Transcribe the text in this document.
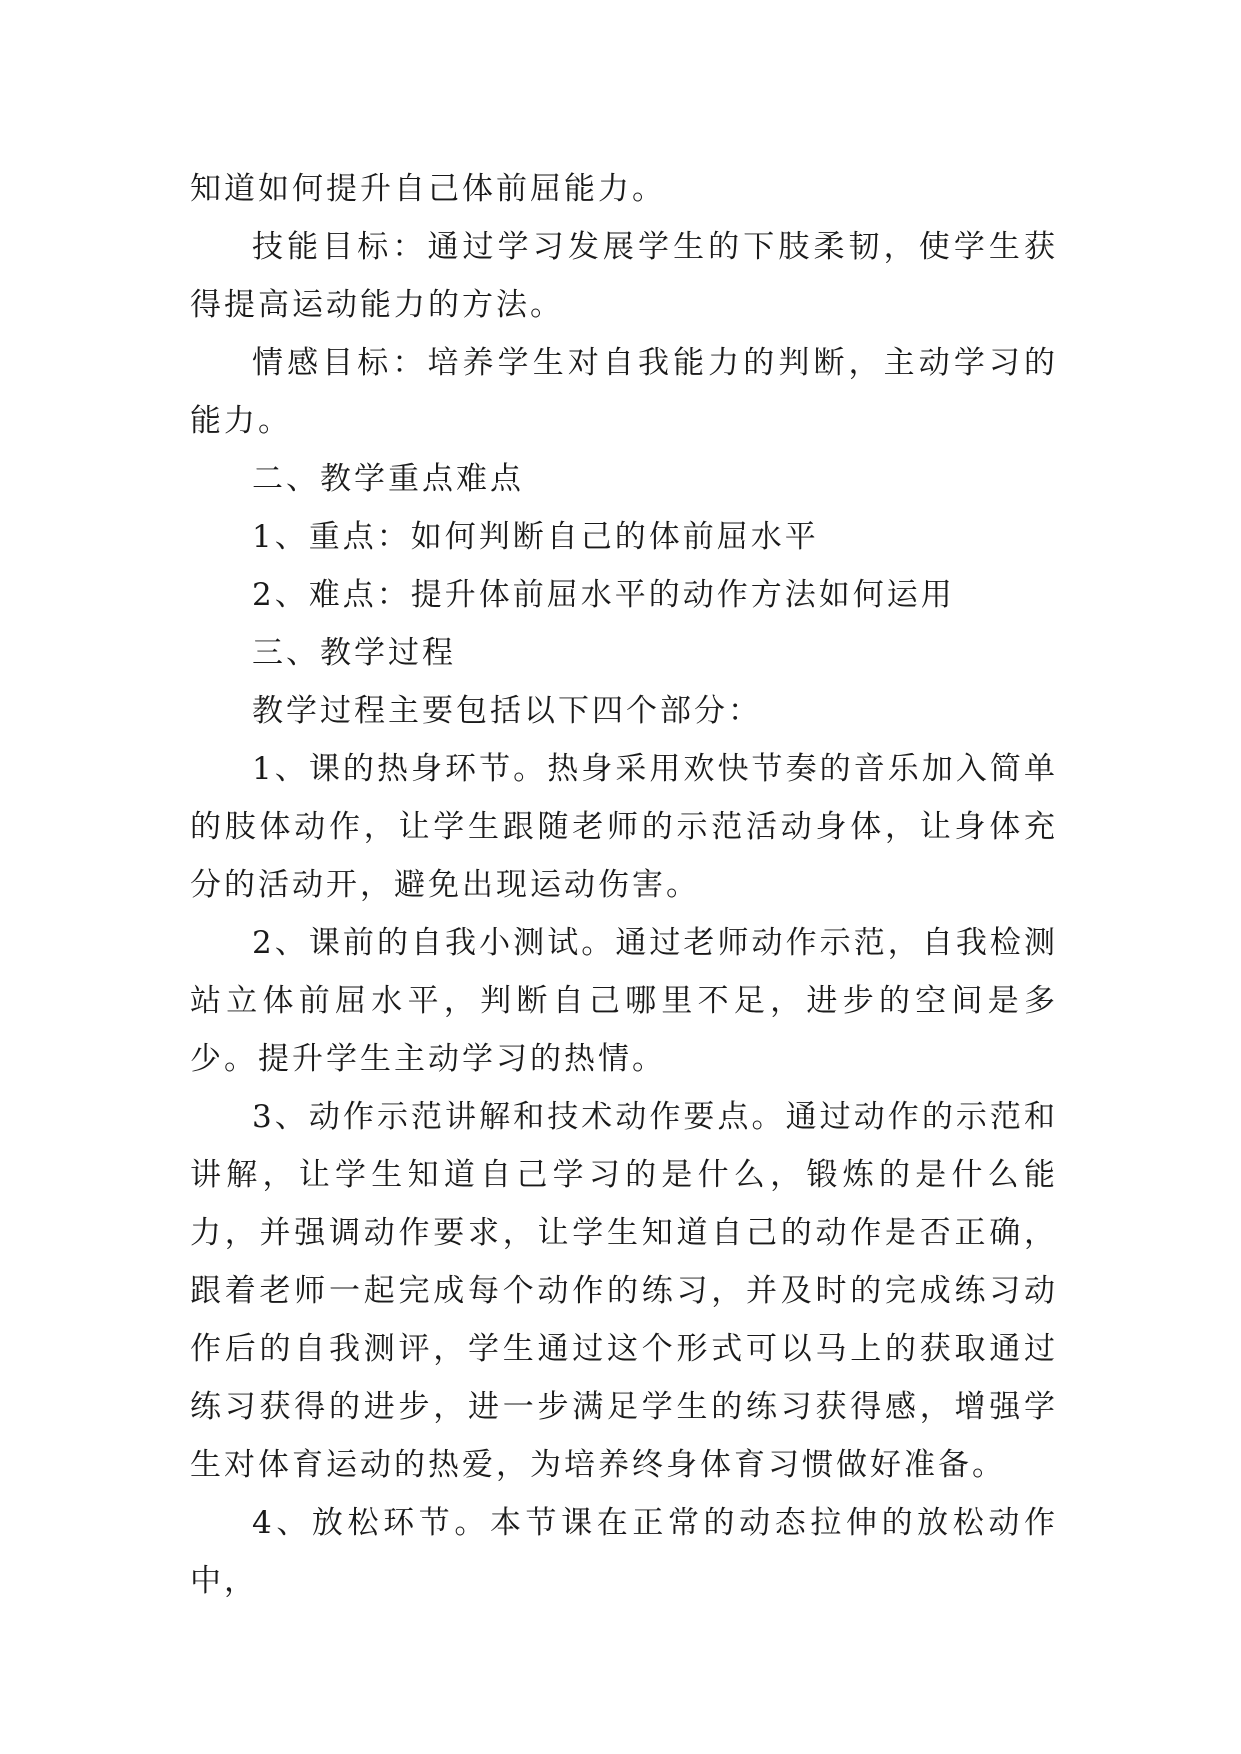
知道如何提升自己体前屈能力。

技能目标：通过学习发展学生的下肢柔韧，使学生获得提高运动能力的方法。

情感目标：培养学生对自我能力的判断，主动学习的能力。

二、教学重点难点

1、重点：如何判断自己的体前屈水平

2、难点：提升体前屈水平的动作方法如何运用

三、教学过程

教学过程主要包括以下四个部分：

1、课的热身环节。热身采用欢快节奏的音乐加入简单的肢体动作，让学生跟随老师的示范活动身体，让身体充分的活动开，避免出现运动伤害。

2、课前的自我小测试。通过老师动作示范，自我检测站立体前屈水平，判断自己哪里不足，进步的空间是多少。提升学生主动学习的热情。

3、动作示范讲解和技术动作要点。通过动作的示范和讲解，让学生知道自己学习的是什么，锻炼的是什么能力，并强调动作要求，让学生知道自己的动作是否正确，跟着老师一起完成每个动作的练习，并及时的完成练习动作后的自我测评，学生通过这个形式可以马上的获取通过练习获得的进步，进一步满足学生的练习获得感，增强学生对体育运动的热爱，为培养终身体育习惯做好准备。

4、放松环节。本节课在正常的动态拉伸的放松动作中，
